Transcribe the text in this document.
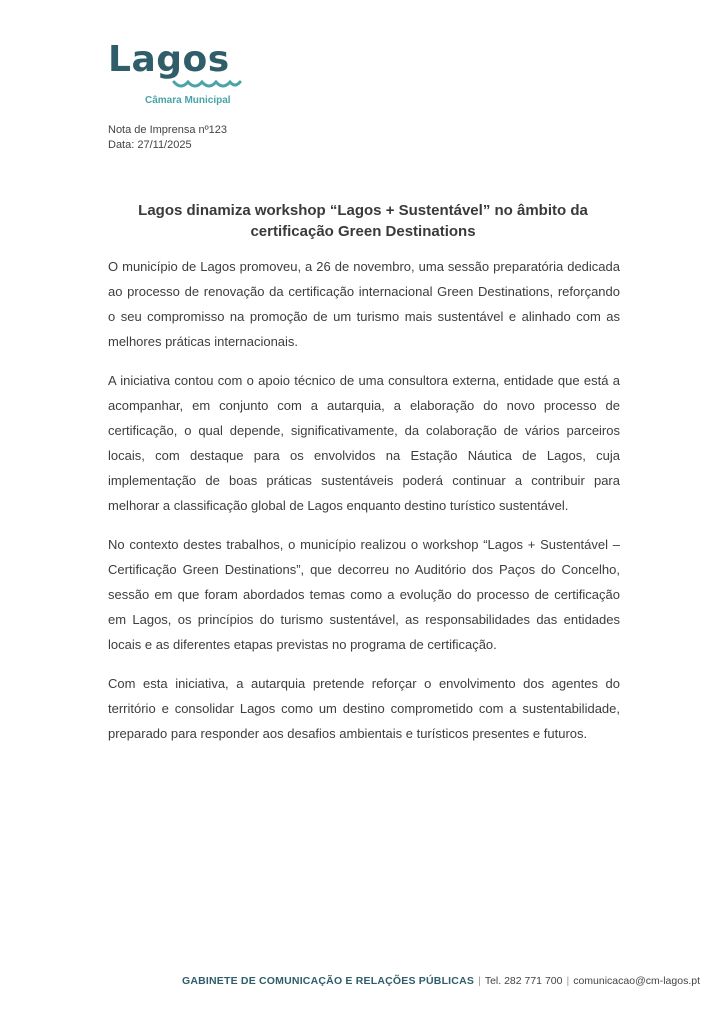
Lagos
Câmara Municipal
Nota de Imprensa nº123
Data: 27/11/2025
Lagos dinamiza workshop “Lagos + Sustentável” no âmbito da
certificação Green Destinations

O município de Lagos promoveu, a 26 de novembro, uma sessão preparatória dedicada ao processo de renovação da certificação internacional Green Destinations, reforçando o seu compromisso na promoção de um turismo mais sustentável e alinhado com as melhores práticas internacionais.

A iniciativa contou com o apoio técnico de uma consultora externa, entidade que está a acompanhar, em conjunto com a autarquia, a elaboração do novo processo de certificação, o qual depende, significativamente, da colaboração de vários parceiros locais, com destaque para os envolvidos na Estação Náutica de Lagos, cuja implementação de boas práticas sustentáveis poderá continuar a contribuir para melhorar a classificação global de Lagos enquanto destino turístico sustentável.

No contexto destes trabalhos, o município realizou o workshop “Lagos + Sustentável – Certificação Green Destinations”, que decorreu no Auditório dos Paços do Concelho, sessão em que foram abordados temas como a evolução do processo de certificação em Lagos, os princípios do turismo sustentável, as responsabilidades das entidades locais e as diferentes etapas previstas no programa de certificação.

Com esta iniciativa, a autarquia pretende reforçar o envolvimento dos agentes do território e consolidar Lagos como um destino comprometido com a sustentabilidade, preparado para responder aos desafios ambientais e turísticos presentes e futuros.

GABINETE DE COMUNICAÇÃO E RELAÇÕES PÚBLICAS | Tel. 282 771 700 | comunicacao@cm-lagos.pt
